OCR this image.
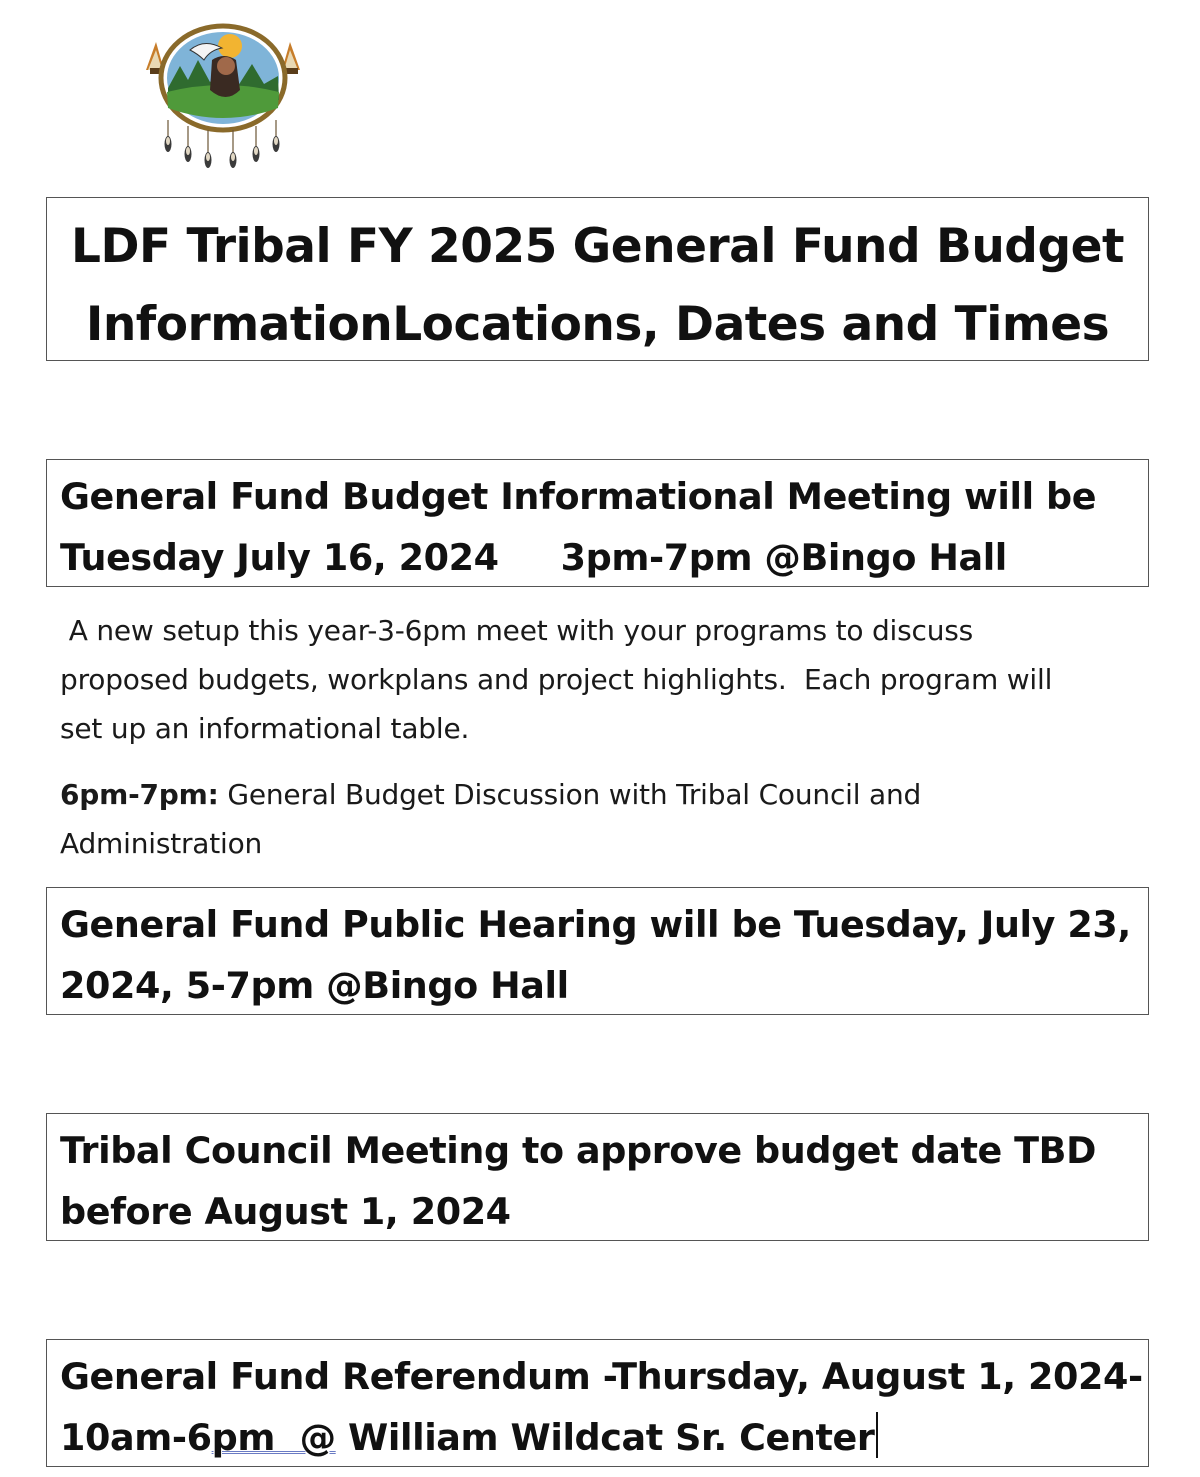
LDF Tribal FY 2025 General Fund Budget
InformationLocations, Dates and Times
General Fund Budget Informational Meeting will be
Tuesday July 16, 2024 3pm-7pm @Bingo Hall
A new setup this year-3-6pm meet with your programs to discuss
proposed budgets, workplans and project highlights.  Each program will
set up an informational table.
6pm-7pm: General Budget Discussion with Tribal Council and
Administration
General Fund Public Hearing will be Tuesday, July 23,
2024, 5-7pm @Bingo Hall
Tribal Council Meeting to approve budget date TBD
before August 1, 2024
General Fund Referendum -Thursday, August 1, 2024-
10am-6pm  @ William Wildcat Sr. Center
